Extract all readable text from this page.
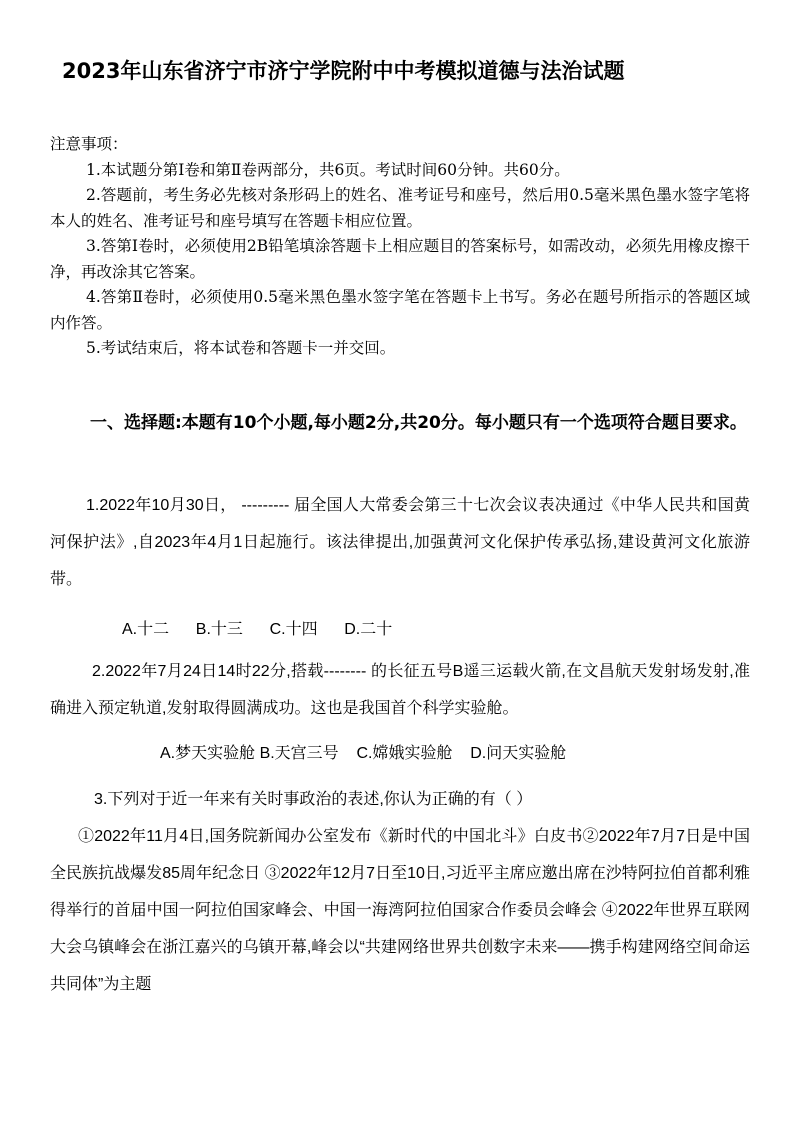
2023年山东省济宁市济宁学院附中中考模拟道德与法治试题

注意事项：

1.本试题分第Ⅰ卷和第Ⅱ卷两部分，共6页。考试时间60分钟。共60分。

2.答题前，考生务必先核对条形码上的姓名、准考证号和座号，然后用0.5毫米黑色墨水签字笔将本人的姓名、准考证号和座号填写在答题卡相应位置。

3.答第Ⅰ卷时，必须使用2B铅笔填涂答题卡上相应题目的答案标号，如需改动，必须先用橡皮擦干净，再改涂其它答案。

4.答第Ⅱ卷时，必须使用0.5毫米黑色墨水签字笔在答题卡上书写。务必在题号所指示的答题区域内作答。

5.考试结束后，将本试卷和答题卡一并交回。

一、选择题:本题有10个小题,每小题2分,共20分。每小题只有一个选项符合题目要求。
1.2022年10月30日， --------- 届全国人大常委会第三十七次会议表决通过《中华人民共和国黄河保护法》,自2023年4月1日起施行。该法律提出,加强黄河文化保护传承弘扬,建设黄河文化旅游带。
A.十二      B.十三      C.十四      D.二十
2.2022年7月24日14时22分,搭载-------- 的长征五号B遥三运载火箭,在文昌航天发射场发射,准确进入预定轨道,发射取得圆满成功。这也是我国首个科学实验舱。
A.梦天实验舱 B.天宫三号    C.嫦娥实验舱    D.问天实验舱
3.下列对于近一年来有关时事政治的表述,你认为正确的有（ ）
①2022年11月4日,国务院新闻办公室发布《新时代的中国北斗》白皮书②2022年7月7日是中国全民族抗战爆发85周年纪念日 ③2022年12月7日至10日,习近平主席应邀出席在沙特阿拉伯首都利雅得举行的首届中国一阿拉伯国家峰会、中国一海湾阿拉伯国家合作委员会峰会 ④2022年世界互联网大会乌镇峰会在浙江嘉兴的乌镇开幕,峰会以“共建网络世界共创数字未来——携手构建网络空间命运共同体”为主题
